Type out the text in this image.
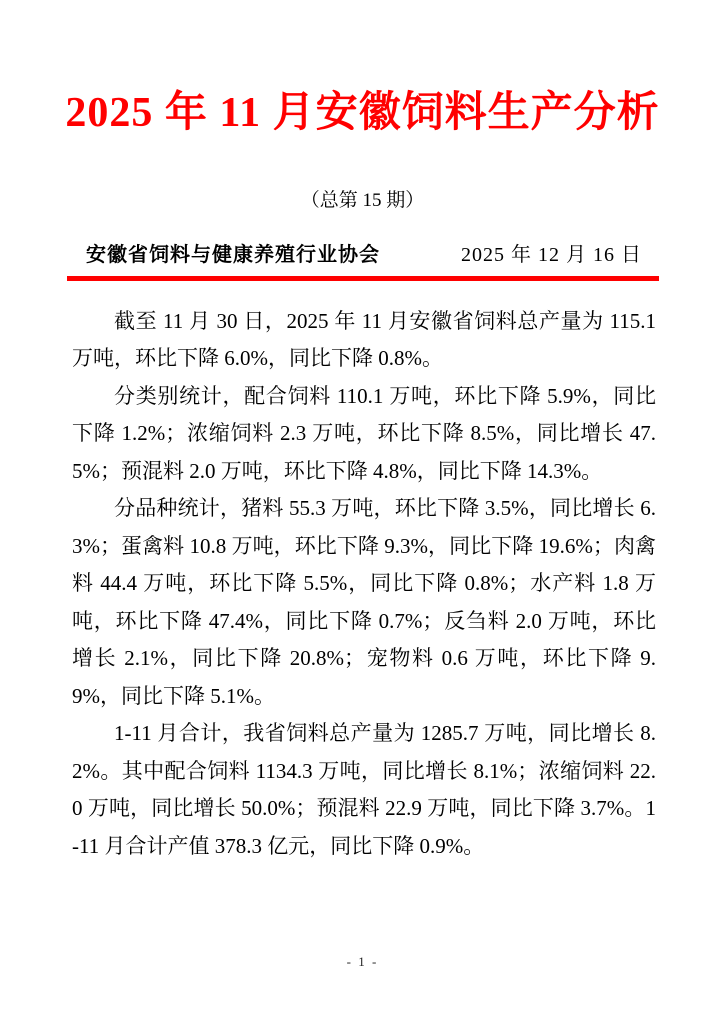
2025 年 11 月安徽饲料生产分析
（总第 15 期）
安徽省饲料与健康养殖行业协会	2025 年 12 月 16 日

截至 11 月 30 日，2025 年 11 月安徽省饲料总产量为 115.1 万吨，环比下降 6.0%，同比下降 0.8%。

分类别统计，配合饲料 110.1 万吨，环比下降 5.9%，同比下降 1.2%；浓缩饲料 2.3 万吨，环比下降 8.5%，同比增长 47.5%；预混料 2.0 万吨，环比下降 4.8%，同比下降 14.3%。

分品种统计，猪料 55.3 万吨，环比下降 3.5%，同比增长 6.3%；蛋禽料 10.8 万吨，环比下降 9.3%，同比下降 19.6%；肉禽料 44.4 万吨，环比下降 5.5%，同比下降 0.8%；水产料 1.8 万吨，环比下降 47.4%，同比下降 0.7%；反刍料 2.0 万吨，环比增长 2.1%，同比下降 20.8%；宠物料 0.6 万吨，环比下降 9.9%，同比下降 5.1%。

1-11 月合计，我省饲料总产量为 1285.7 万吨，同比增长 8.2%。其中配合饲料 1134.3 万吨，同比增长 8.1%；浓缩饲料 22.0 万吨，同比增长 50.0%；预混料 22.9 万吨，同比下降 3.7%。1-11 月合计产值 378.3 亿元，同比下降 0.9%。

- 1 -
